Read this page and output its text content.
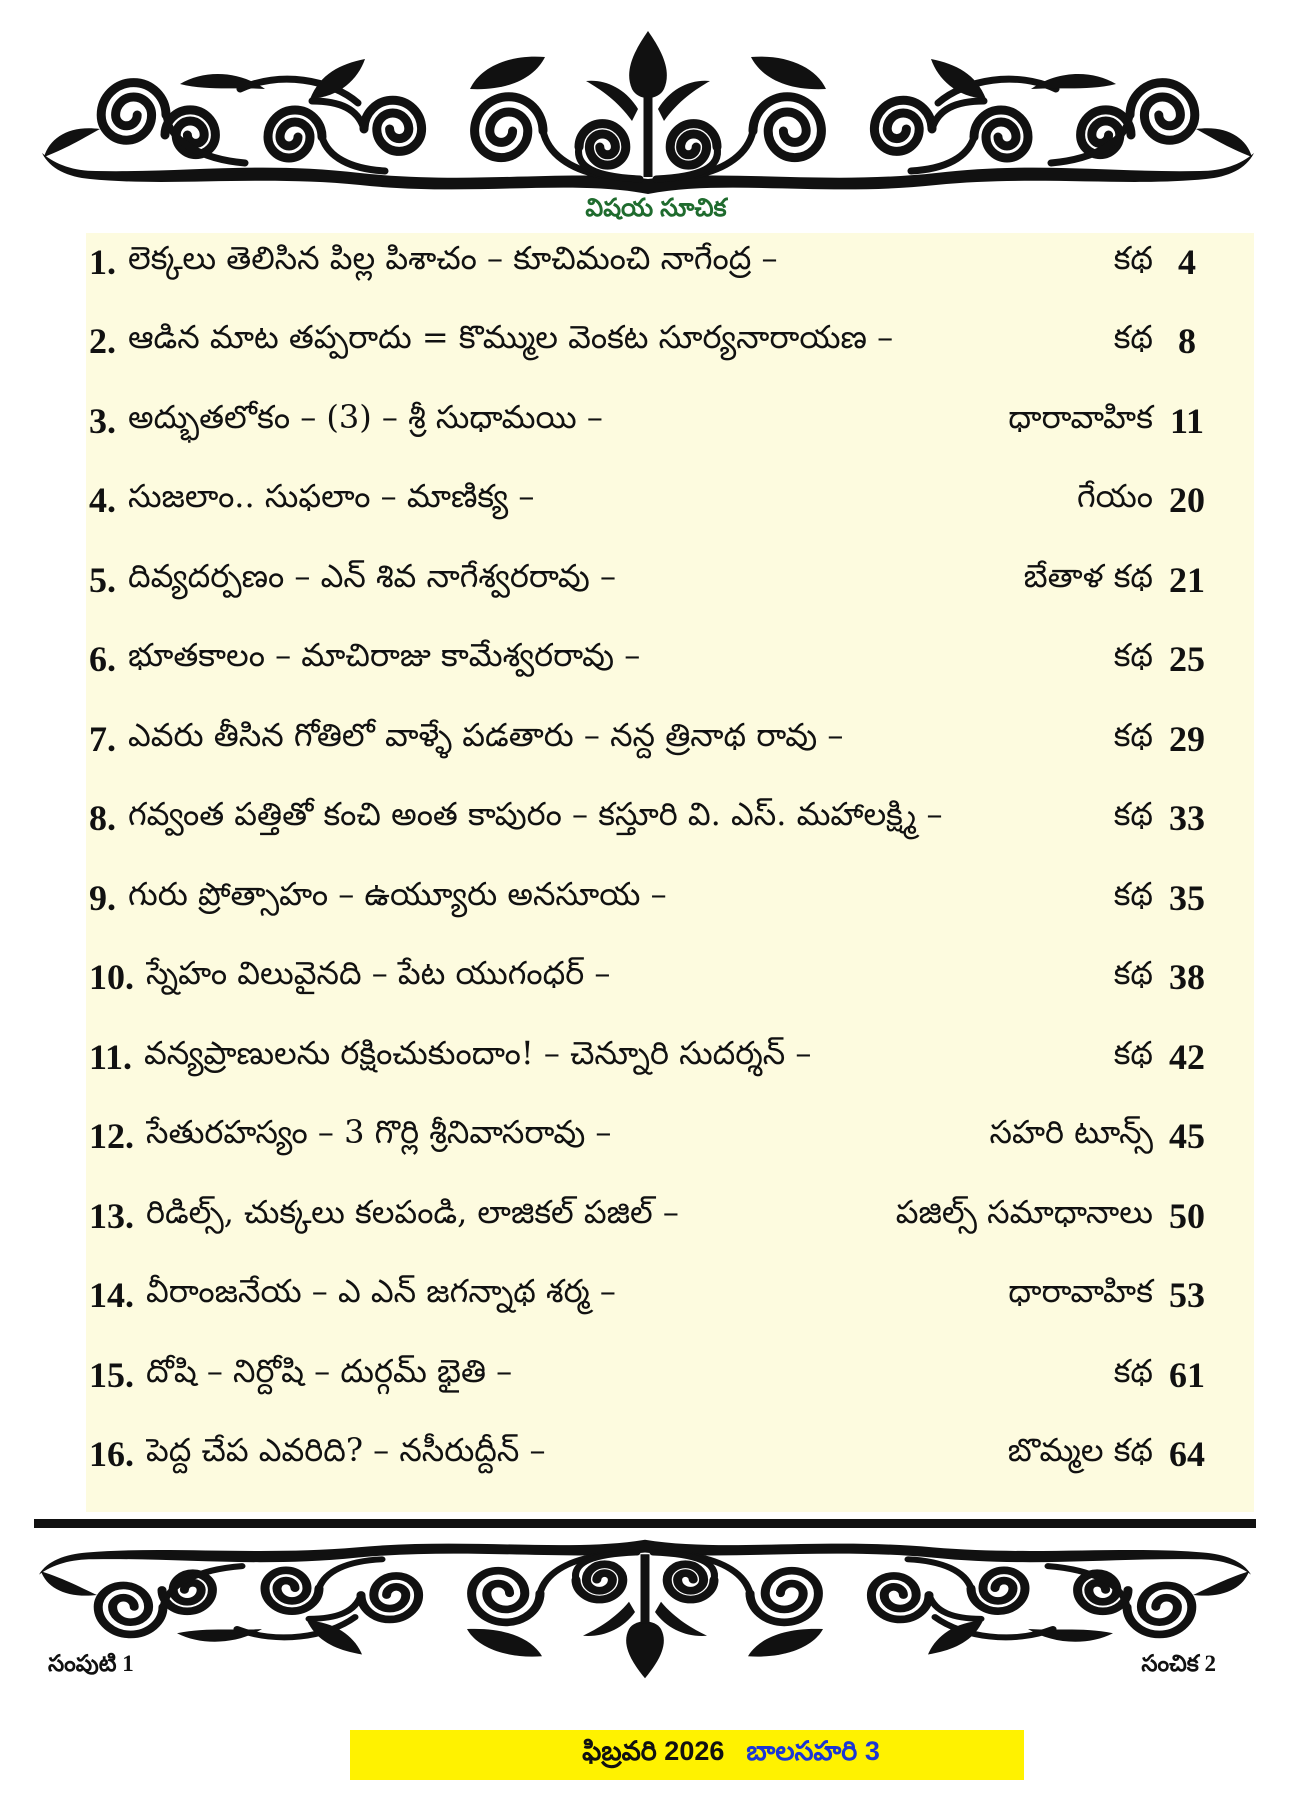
విషయ సూచిక
1. లెక్కలు తెలిసిన పిల్ల పిశాచం – కూచిమంచి నాగేంద్ర –	కథ 4
2. ఆడిన మాట తప్పరాదు = కొమ్ముల వెంకట సూర్యనారాయణ –	కథ 8
3. అద్భుతలోకం – (3) – శ్రీ సుధామయి –	ధారావాహిక 11
4. సుజలాం.. సుఫలాం – మాణిక్య –	గేయం 20
5. దివ్యదర్పణం – ఎన్ శివ నాగేశ్వరరావు –	బేతాళ కథ 21
6. భూతకాలం – మాచిరాజు కామేశ్వరరావు –	కథ 25
7. ఎవరు తీసిన గోతిలో వాళ్ళే పడతారు – నన్ద త్రినాథ రావు –	కథ 29
8. గవ్వంత పత్తితో కంచి అంత కాపురం – కస్తూరి వి. ఎస్. మహాలక్ష్మి –	కథ 33
9. గురు ప్రోత్సాహం – ఉయ్యూరు అనసూయ –	కథ 35
10. స్నేహం విలువైనది – పేట యుగంధర్ –	కథ 38
11. వన్యప్రాణులను రక్షించుకుందాం! – చెన్నూరి సుదర్శన్ –	కథ 42
12. సేతురహస్యం – 3 గొర్లి శ్రీనివాసరావు –	సహరి టూన్స్ 45
13. రిడిల్స్, చుక్కలు కలపండి, లాజికల్ పజిల్ –	పజిల్స్ సమాధానాలు 50
14. వీరాంజనేయ – ఎ ఎన్ జగన్నాథ శర్మ –	ధారావాహిక 53
15. దోషి – నిర్దోషి – దుర్గమ్ భైతి –	కథ 61
16. పెద్ద చేప ఎవరిది? – నసీరుద్దీన్ –	బొమ్మల కథ 64
సంపుటి 1	సంచిక 2
ఫిబ్రవరి 2026 బాలసహరి 3
